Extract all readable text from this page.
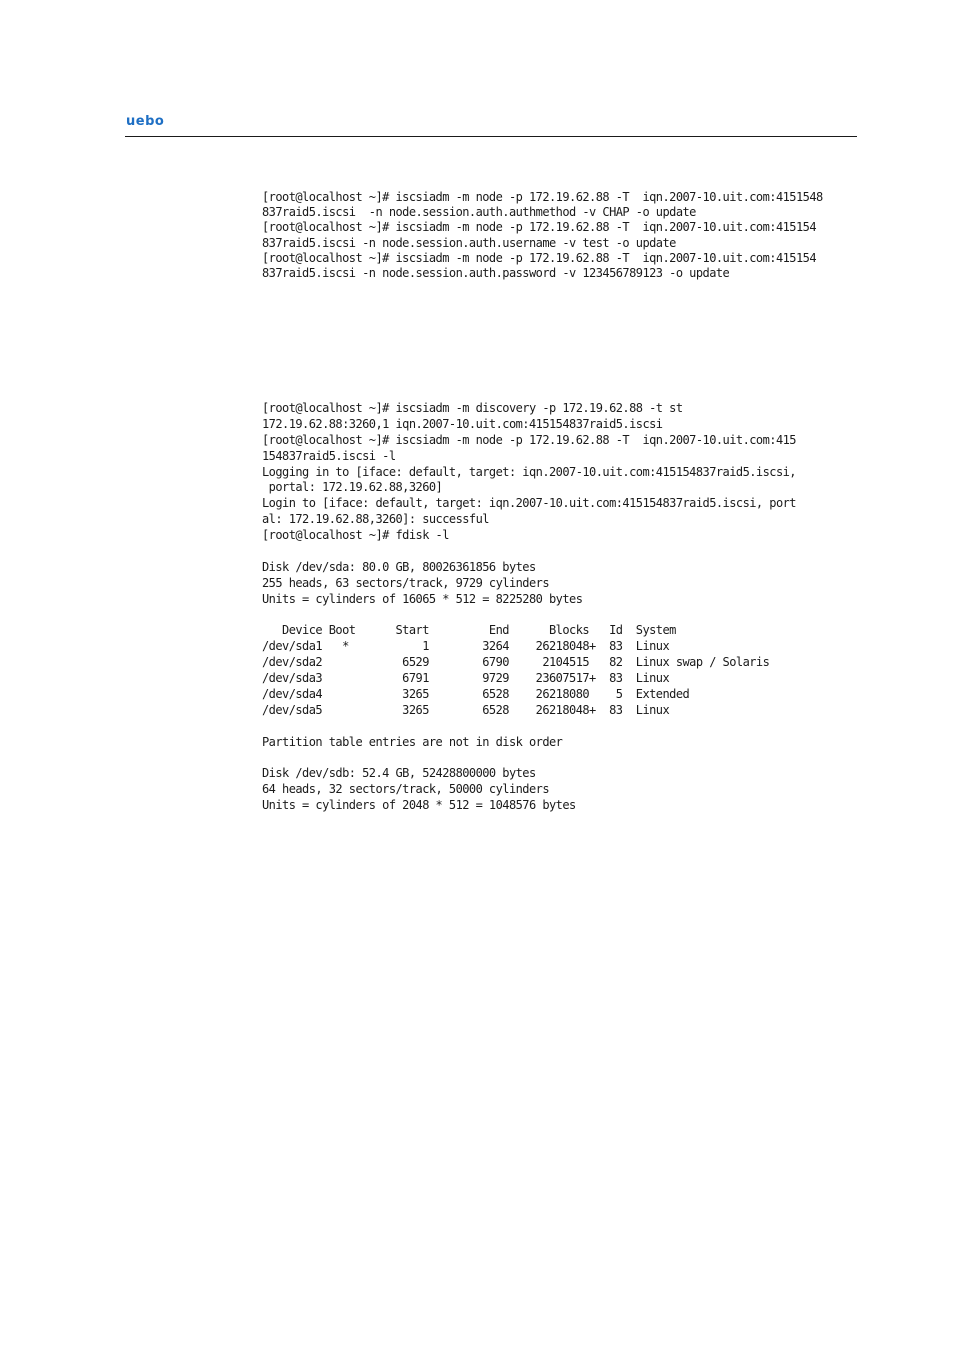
uebo
[root@localhost ~]# iscsiadm -m node -p 172.19.62.88 -T  iqn.2007-10.uit.com:4151548
837raid5.iscsi  -n node.session.auth.authmethod -v CHAP -o update
[root@localhost ~]# iscsiadm -m node -p 172.19.62.88 -T  iqn.2007-10.uit.com:415154
837raid5.iscsi -n node.session.auth.username -v test -o update
[root@localhost ~]# iscsiadm -m node -p 172.19.62.88 -T  iqn.2007-10.uit.com:415154
837raid5.iscsi -n node.session.auth.password -v 123456789123 -o update
[root@localhost ~]# iscsiadm -m discovery -p 172.19.62.88 -t st
172.19.62.88:3260,1 iqn.2007-10.uit.com:415154837raid5.iscsi
[root@localhost ~]# iscsiadm -m node -p 172.19.62.88 -T  iqn.2007-10.uit.com:415
154837raid5.iscsi -l
Logging in to [iface: default, target: iqn.2007-10.uit.com:415154837raid5.iscsi,
portal: 172.19.62.88,3260]
Login to [iface: default, target: iqn.2007-10.uit.com:415154837raid5.iscsi, port
al: 172.19.62.88,3260]: successful
[root@localhost ~]# fdisk -l
Disk /dev/sda: 80.0 GB, 80026361856 bytes
255 heads, 63 sectors/track, 9729 cylinders
Units = cylinders of 16065 * 512 = 8225280 bytes
Device Boot      Start         End      Blocks   Id  System
/dev/sda1   *           1        3264    26218048+  83  Linux
/dev/sda2            6529        6790     2104515   82  Linux swap / Solaris
/dev/sda3            6791        9729    23607517+  83  Linux
/dev/sda4            3265        6528    26218080    5  Extended
/dev/sda5            3265        6528    26218048+  83  Linux
Partition table entries are not in disk order
Disk /dev/sdb: 52.4 GB, 52428800000 bytes
64 heads, 32 sectors/track, 50000 cylinders
Units = cylinders of 2048 * 512 = 1048576 bytes
